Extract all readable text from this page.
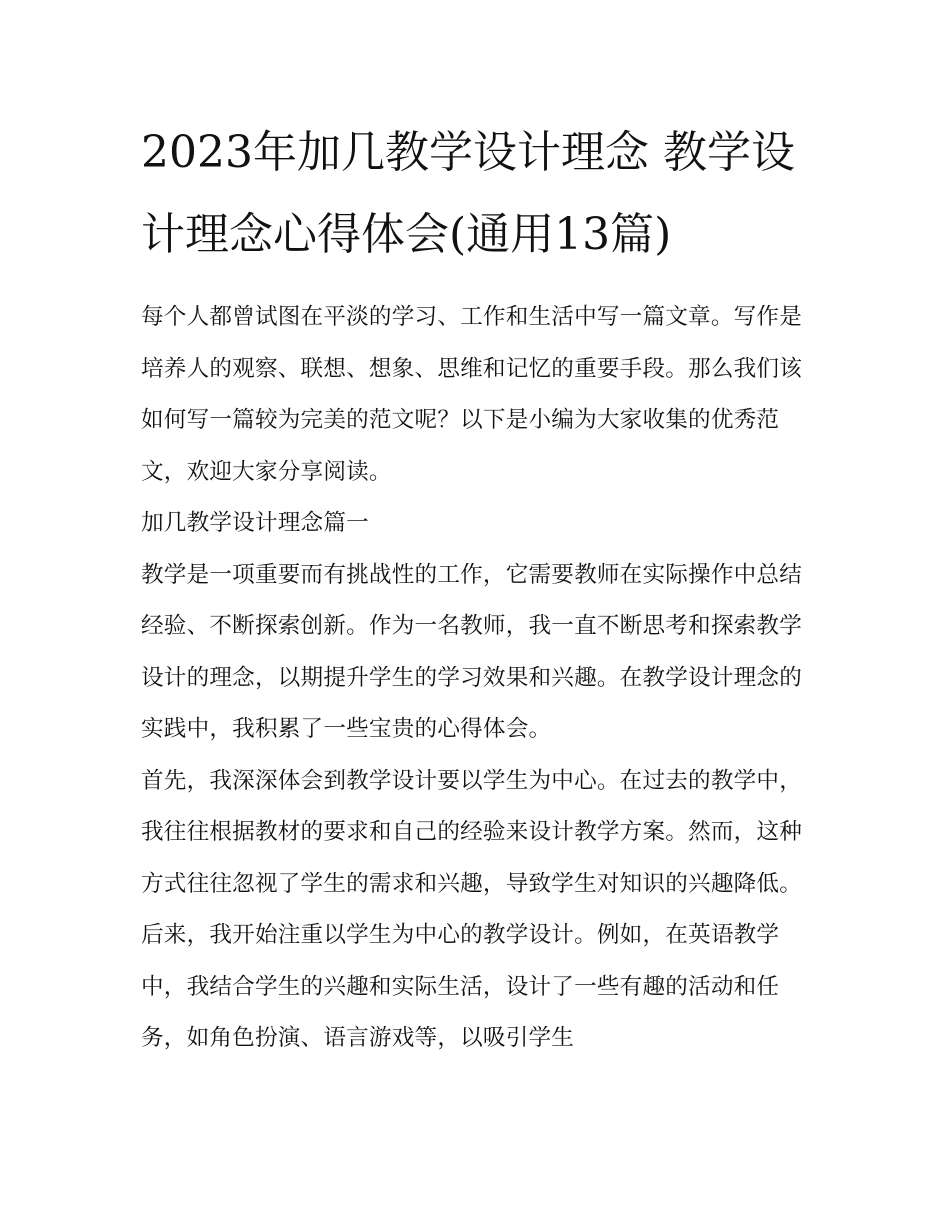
2023年加几教学设计理念 教学设计理念心得体会(通用13篇)

每个人都曾试图在平淡的学习、工作和生活中写一篇文章。写作是培养人的观察、联想、想象、思维和记忆的重要手段。那么我们该如何写一篇较为完美的范文呢？以下是小编为大家收集的优秀范文，欢迎大家分享阅读。

加几教学设计理念篇一

教学是一项重要而有挑战性的工作，它需要教师在实际操作中总结经验、不断探索创新。作为一名教师，我一直不断思考和探索教学设计的理念，以期提升学生的学习效果和兴趣。在教学设计理念的实践中，我积累了一些宝贵的心得体会。

首先，我深深体会到教学设计要以学生为中心。在过去的教学中，我往往根据教材的要求和自己的经验来设计教学方案。然而，这种方式往往忽视了学生的需求和兴趣，导致学生对知识的兴趣降低。后来，我开始注重以学生为中心的教学设计。例如，在英语教学中，我结合学生的兴趣和实际生活，设计了一些有趣的活动和任务，如角色扮演、语言游戏等，以吸引学生
